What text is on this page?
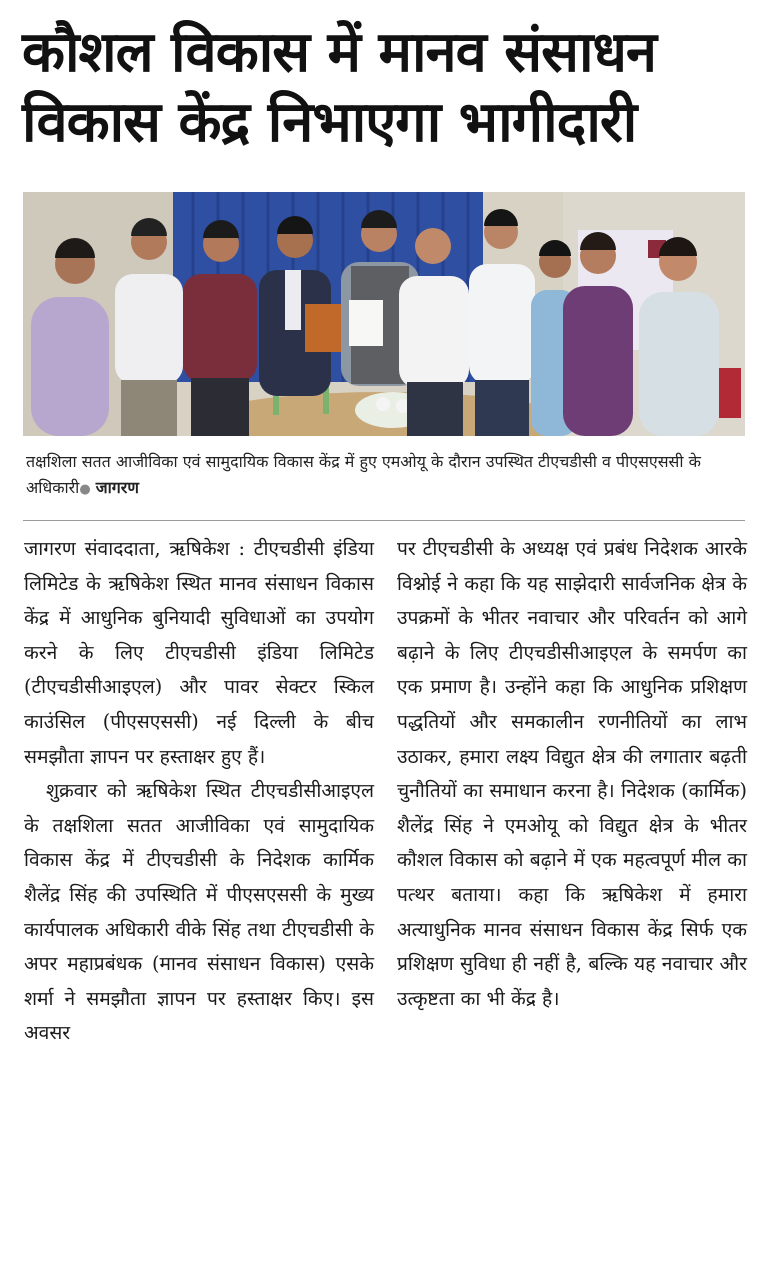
कौशल विकास में मानव संसाधन
विकास केंद्र निभाएगा भागीदारी
तक्षशिला सतत आजीविका एवं सामुदायिक विकास केंद्र में हुए एमओयू के दौरान उपस्थित टीएचडीसी व पीएसएससी के अधिकारी● जागरण

जागरण संवाददाता, ऋषिकेश : टीएचडीसी इंडिया लिमिटेड के ऋषिकेश स्थित मानव संसाधन विकास केंद्र में आधुनिक बुनियादी सुविधाओं का उपयोग करने के लिए टीएचडीसी इंडिया लिमिटेड (टीएचडीसीआइएल) और पावर सेक्टर स्किल काउंसिल (पीएसएससी) नई दिल्ली के बीच समझौता ज्ञापन पर हस्ताक्षर हुए हैं।

शुक्रवार को ऋषिकेश स्थित टीएचडीसीआइएल के तक्षशिला सतत आजीविका एवं सामुदायिक विकास केंद्र में टीएचडीसी के निदेशक कार्मिक शैलेंद्र सिंह की उपस्थिति में पीएसएससी के मुख्य कार्यपालक अधिकारी वीके सिंह तथा टीएचडीसी के अपर महाप्रबंधक (मानव संसाधन विकास) एसके शर्मा ने समझौता ज्ञापन पर हस्ताक्षर किए। इस अवसर

पर टीएचडीसी के अध्यक्ष एवं प्रबंध निदेशक आरके विश्नोई ने कहा कि यह साझेदारी सार्वजनिक क्षेत्र के उपक्रमों के भीतर नवाचार और परिवर्तन को आगे बढ़ाने के लिए टीएचडीसीआइएल के समर्पण का एक प्रमाण है। उन्होंने कहा कि आधुनिक प्रशिक्षण पद्धतियों और समकालीन रणनीतियों का लाभ उठाकर, हमारा लक्ष्य विद्युत क्षेत्र की लगातार बढ़ती चुनौतियों का समाधान करना है। निदेशक (कार्मिक) शैलेंद्र सिंह ने एमओयू को विद्युत क्षेत्र के भीतर कौशल विकास को बढ़ाने में एक महत्वपूर्ण मील का पत्थर बताया। कहा कि ऋषिकेश में हमारा अत्याधुनिक मानव संसाधन विकास केंद्र सिर्फ एक प्रशिक्षण सुविधा ही नहीं है, बल्कि यह नवाचार और उत्कृष्टता का भी केंद्र है।
